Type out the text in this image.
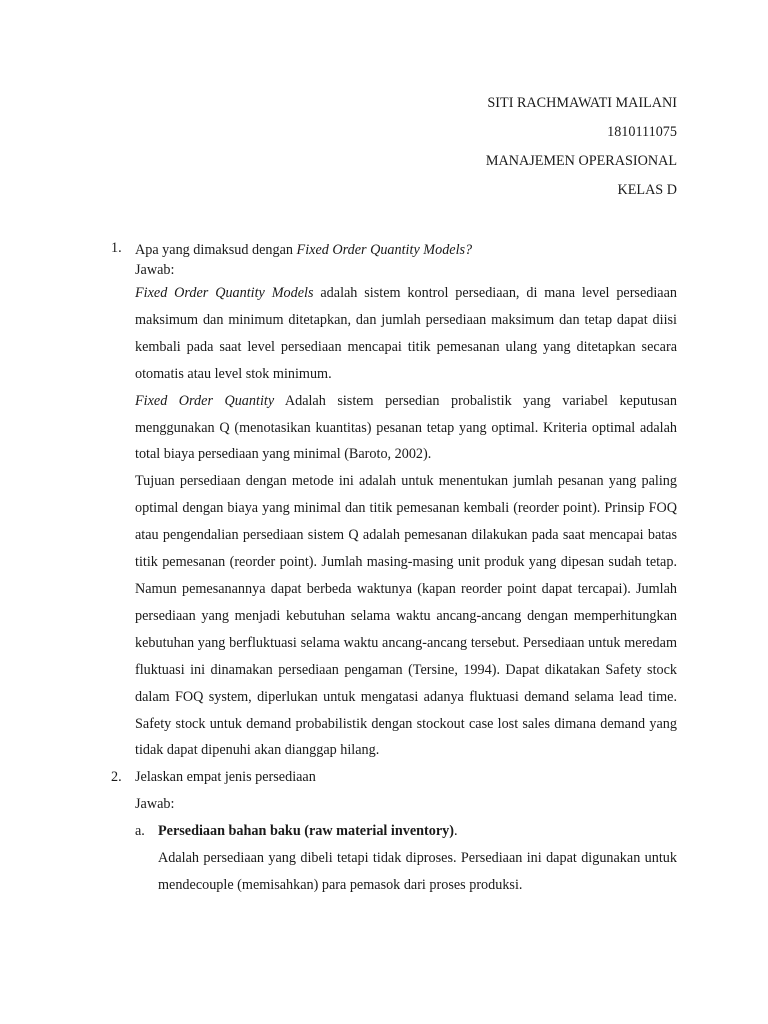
SITI RACHMAWATI MAILANI
1810111075
MANAJEMEN OPERASIONAL
KELAS D
1. Apa yang dimaksud dengan Fixed Order Quantity Models?
Jawab:
Fixed Order Quantity Models adalah sistem kontrol persediaan, di mana level persediaan maksimum dan minimum ditetapkan, dan jumlah persediaan maksimum dan tetap dapat diisi kembali pada saat level persediaan mencapai titik pemesanan ulang yang ditetapkan secara otomatis atau level stok minimum.
Fixed Order Quantity Adalah sistem persedian probalistik yang variabel keputusan menggunakan Q (menotasikan kuantitas) pesanan tetap yang optimal. Kriteria optimal adalah total biaya persediaan yang minimal (Baroto, 2002).
Tujuan persediaan dengan metode ini adalah untuk menentukan jumlah pesanan yang paling optimal dengan biaya yang minimal dan titik pemesanan kembali (reorder point). Prinsip FOQ atau pengendalian persediaan sistem Q adalah pemesanan dilakukan pada saat mencapai batas titik pemesanan (reorder point). Jumlah masing-masing unit produk yang dipesan sudah tetap. Namun pemesanannya dapat berbeda waktunya (kapan reorder point dapat tercapai). Jumlah persediaan yang menjadi kebutuhan selama waktu ancang-ancang dengan memperhitungkan kebutuhan yang berfluktuasi selama waktu ancang-ancang tersebut. Persediaan untuk meredam fluktuasi ini dinamakan persediaan pengaman (Tersine, 1994). Dapat dikatakan Safety stock dalam FOQ system, diperlukan untuk mengatasi adanya fluktuasi demand selama lead time. Safety stock untuk demand probabilistik dengan stockout case lost sales dimana demand yang tidak dapat dipenuhi akan dianggap hilang.
2. Jelaskan empat jenis persediaan
Jawab:
a. Persediaan bahan baku (raw material inventory).
Adalah persediaan yang dibeli tetapi tidak diproses. Persediaan ini dapat digunakan untuk mendecouple (memisahkan) para pemasok dari proses produksi.
